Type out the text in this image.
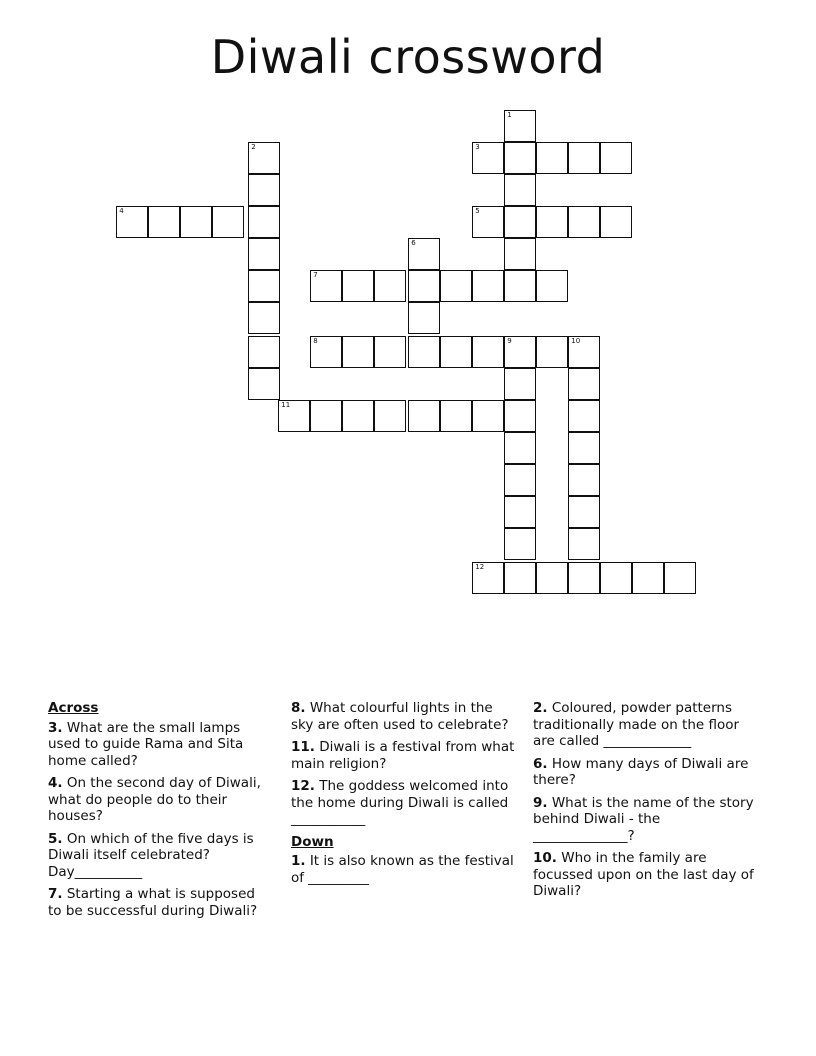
Diwali crossword
1
2	3
4	5
6
7
8	9	10
11
12
Across
3. What are the small lamps used to guide Rama and Sita home called?
4. On the second day of Diwali, what do people do to their houses?
5. On which of the five days is Diwali itself celebrated? Day__________
7. Starting a what is supposed to be successful during Diwali?
8. What colourful lights in the sky are often used to celebrate?
11. Diwali is a festival from what main religion?
12. The goddess welcomed into the home during Diwali is called ___________
Down
1. It is also known as the festival of _________
2. Coloured, powder patterns traditionally made on the floor are called _____________
6. How many days of Diwali are there?
9. What is the name of the story behind Diwali - the ______________?
10. Who in the family are focussed upon on the last day of Diwali?
